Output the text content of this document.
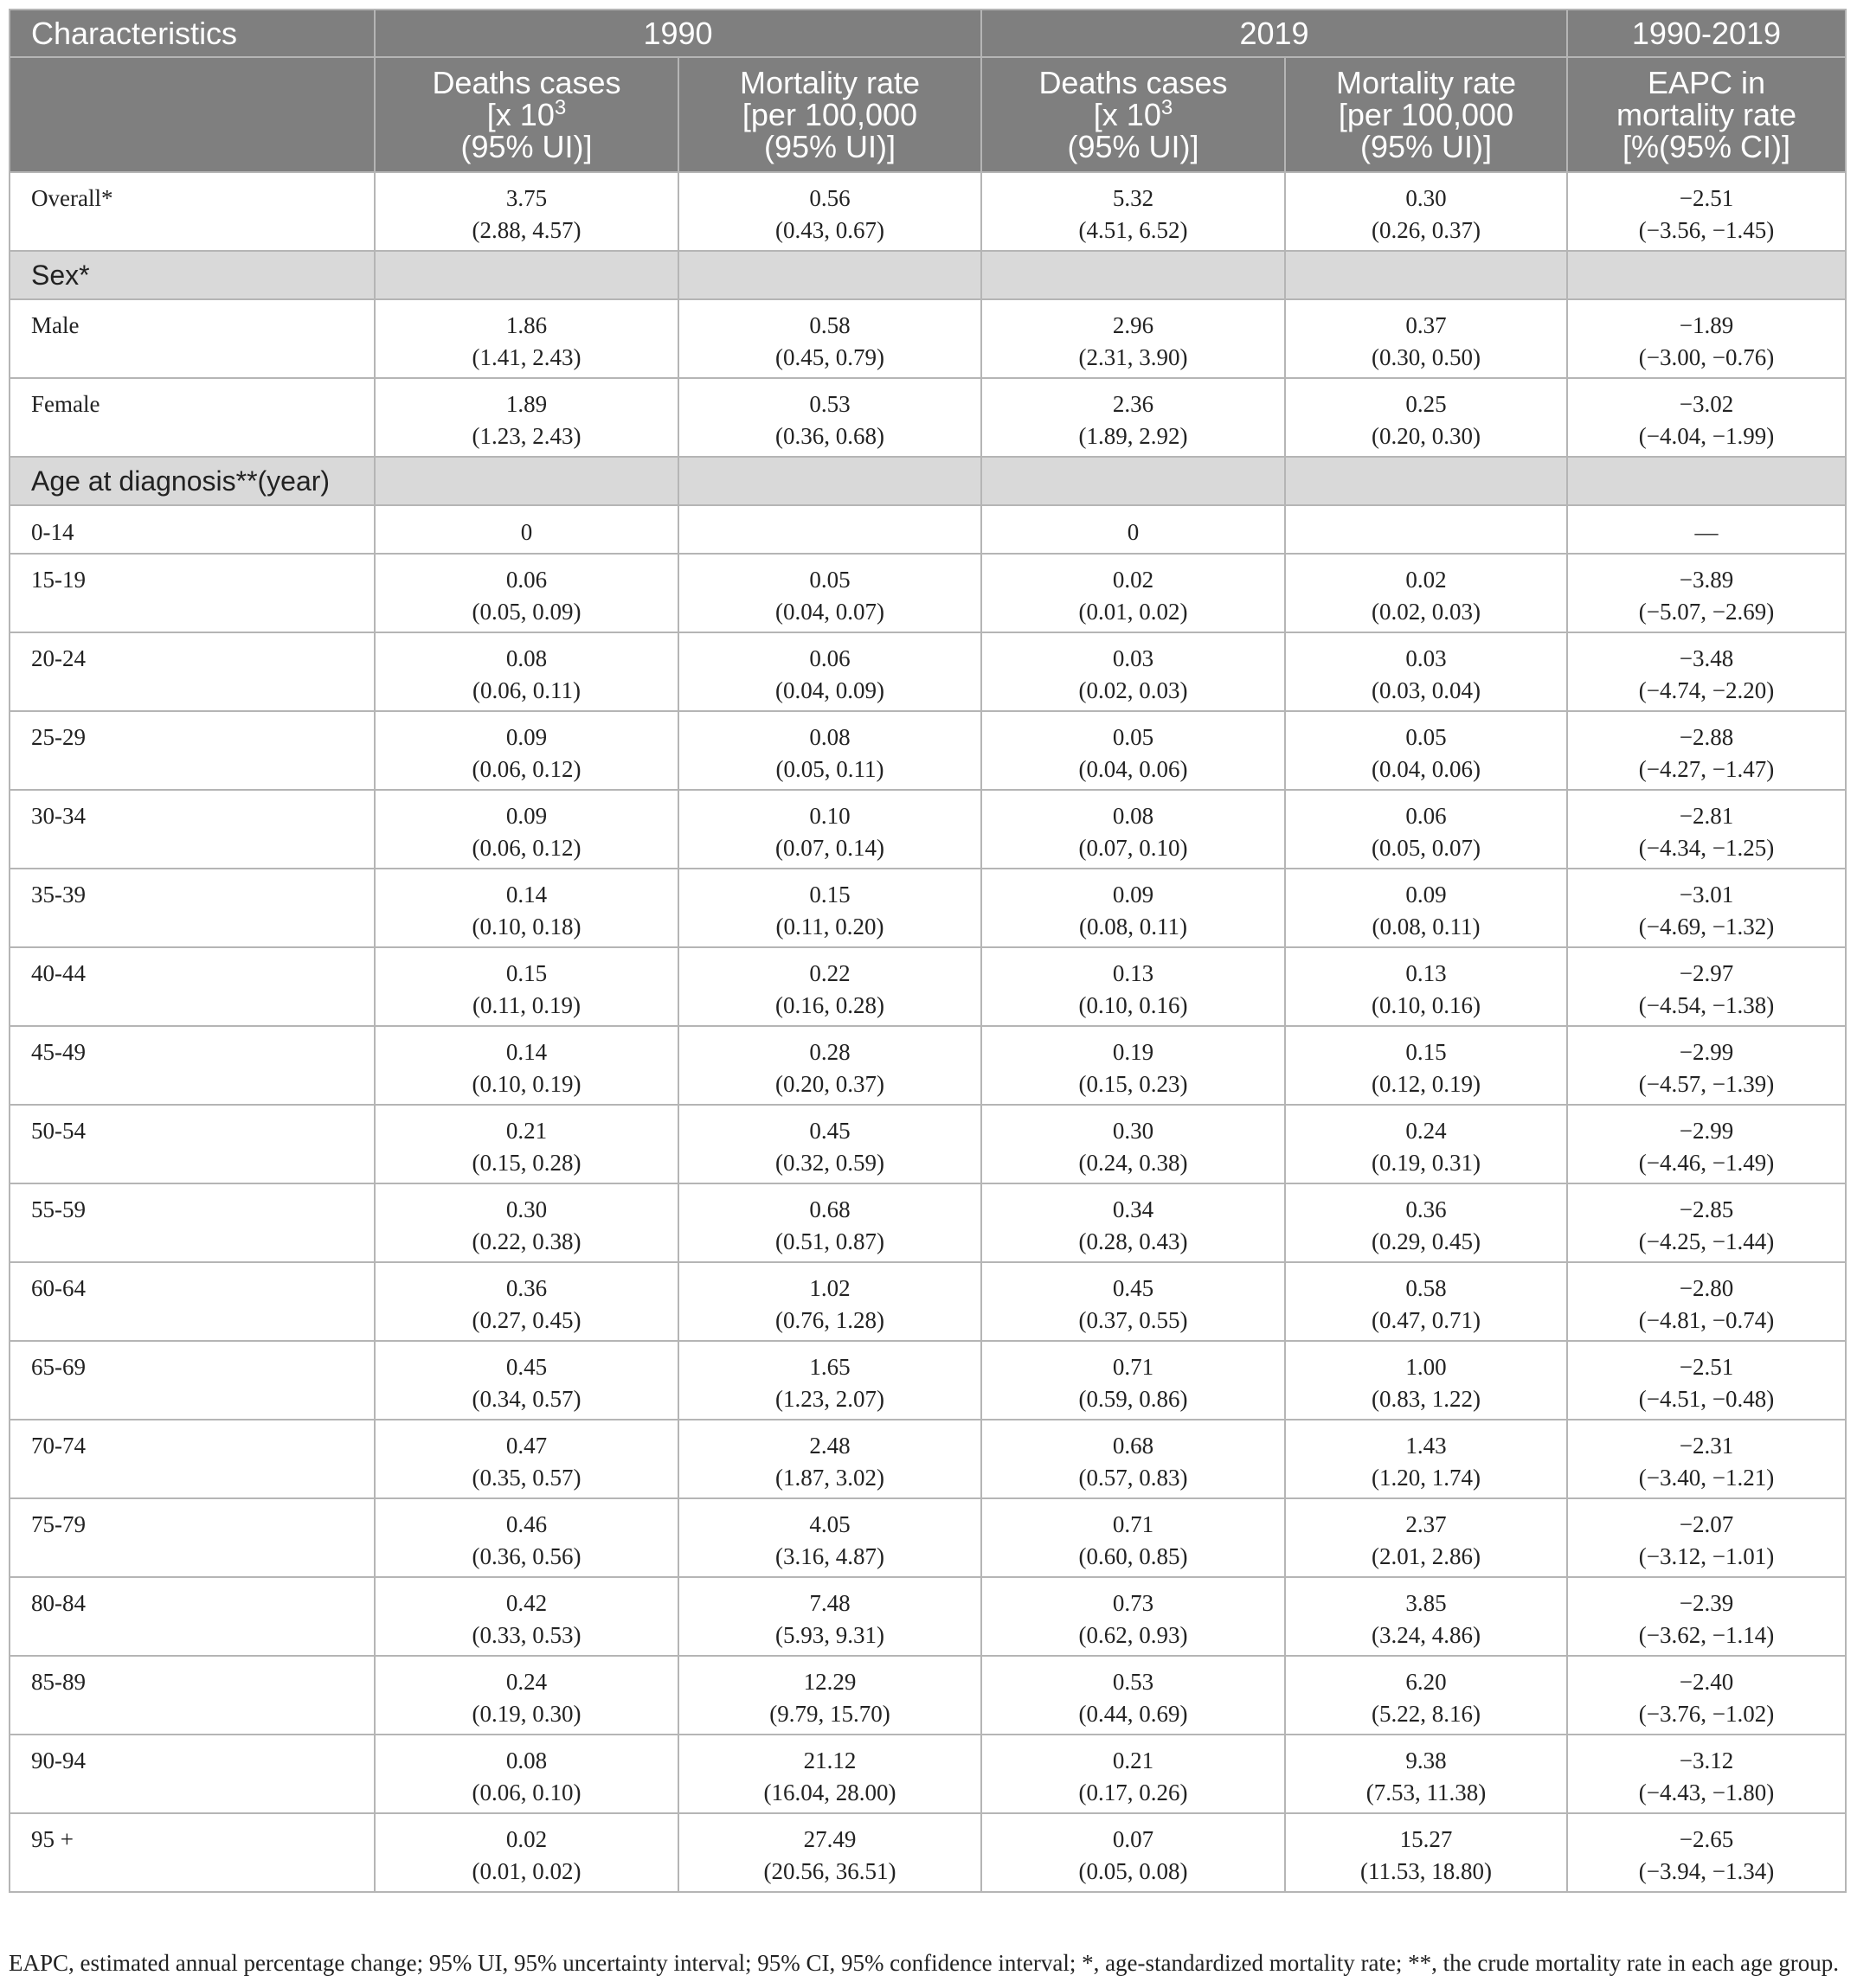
Characteristics	1990		2019		1990-2019

	Deaths cases
[x $10^3$
(95% UI)]	Mortality rate
[per 100,000
(95% UI)]	Deaths cases
[x $10^3$
(95% UI)]	Mortality rate
[per 100,000
(95% UI)]	EAPC in
mortality rate
[%(95% CI)]

Overall*	3.75
(2.88, 4.57)	0.56
(0.43, 0.67)	5.32
(4.51, 6.52)	0.30
(0.26, 0.37)	−2.51
(−3.56, −1.45)

Sex*					
Male	1.86
(1.41, 2.43)	0.58
(0.45, 0.79)	2.96
(2.31, 3.90)	0.37
(0.30, 0.50)	−1.89
(−3.00, −0.76)

Female	1.89
(1.23, 2.43)	0.53
(0.36, 0.68)	2.36
(1.89, 2.92)	0.25
(0.20, 0.30)	−3.02
(−4.04, −1.99)

Age at diagnosis**(year)					
0-14	0		0		—

15-19	0.06
(0.05, 0.09)	0.05
(0.04, 0.07)	0.02
(0.01, 0.02)	0.02
(0.02, 0.03)	−3.89
(−5.07, −2.69)

20-24	0.08
(0.06, 0.11)	0.06
(0.04, 0.09)	0.03
(0.02, 0.03)	0.03
(0.03, 0.04)	−3.48
(−4.74, −2.20)

25-29	0.09
(0.06, 0.12)	0.08
(0.05, 0.11)	0.05
(0.04, 0.06)	0.05
(0.04, 0.06)	−2.88
(−4.27, −1.47)

30-34	0.09
(0.06, 0.12)	0.10
(0.07, 0.14)	0.08
(0.07, 0.10)	0.06
(0.05, 0.07)	−2.81
(−4.34, −1.25)

35-39	0.14
(0.10, 0.18)	0.15
(0.11, 0.20)	0.09
(0.08, 0.11)	0.09
(0.08, 0.11)	−3.01
(−4.69, −1.32)

40-44	0.15
(0.11, 0.19)	0.22
(0.16, 0.28)	0.13
(0.10, 0.16)	0.13
(0.10, 0.16)	−2.97
(−4.54, −1.38)

45-49	0.14
(0.10, 0.19)	0.28
(0.20, 0.37)	0.19
(0.15, 0.23)	0.15
(0.12, 0.19)	−2.99
(−4.57, −1.39)

50-54	0.21
(0.15, 0.28)	0.45
(0.32, 0.59)	0.30
(0.24, 0.38)	0.24
(0.19, 0.31)	−2.99
(−4.46, −1.49)

55-59	0.30
(0.22, 0.38)	0.68
(0.51, 0.87)	0.34
(0.28, 0.43)	0.36
(0.29, 0.45)	−2.85
(−4.25, −1.44)

60-64	0.36
(0.27, 0.45)	1.02
(0.76, 1.28)	0.45
(0.37, 0.55)	0.58
(0.47, 0.71)	−2.80
(−4.81, −0.74)

65-69	0.45
(0.34, 0.57)	1.65
(1.23, 2.07)	0.71
(0.59, 0.86)	1.00
(0.83, 1.22)	−2.51
(−4.51, −0.48)

70-74	0.47
(0.35, 0.57)	2.48
(1.87, 3.02)	0.68
(0.57, 0.83)	1.43
(1.20, 1.74)	−2.31
(−3.40, −1.21)

75-79	0.46
(0.36, 0.56)	4.05
(3.16, 4.87)	0.71
(0.60, 0.85)	2.37
(2.01, 2.86)	−2.07
(−3.12, −1.01)

80-84	0.42
(0.33, 0.53)	7.48
(5.93, 9.31)	0.73
(0.62, 0.93)	3.85
(3.24, 4.86)	−2.39
(−3.62, −1.14)

85-89	0.24
(0.19, 0.30)	12.29
(9.79, 15.70)	0.53
(0.44, 0.69)	6.20
(5.22, 8.16)	−2.40
(−3.76, −1.02)

90-94	0.08
(0.06, 0.10)	21.12
(16.04, 28.00)	0.21
(0.17, 0.26)	9.38
(7.53, 11.38)	−3.12
(−4.43, −1.80)

95 +	0.02
(0.01, 0.02)	27.49
(20.56, 36.51)	0.07
(0.05, 0.08)	15.27
(11.53, 18.80)	−2.65
(−3.94, −1.34)
EAPC, estimated annual percentage change; 95% UI, 95% uncertainty interval; 95% CI, 95% confidence interval; *, age-standardized mortality rate; **, the crude mortality rate in each age group.
